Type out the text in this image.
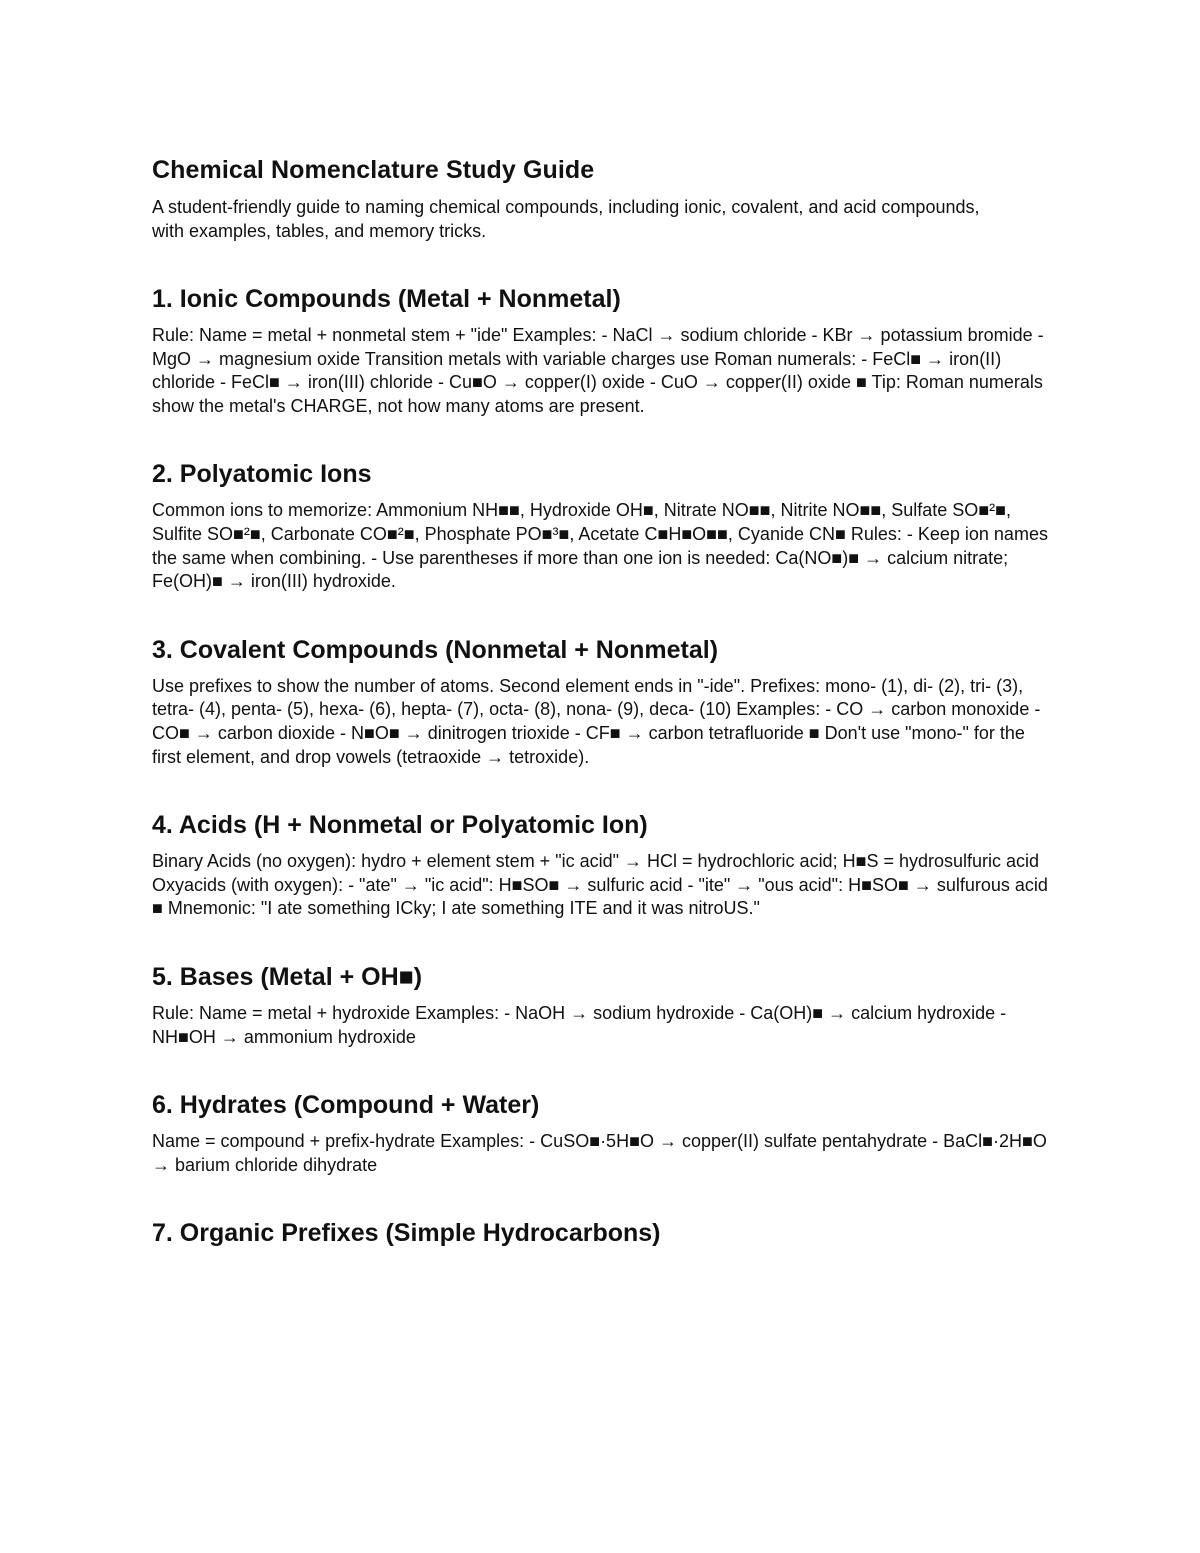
Chemical Nomenclature Study Guide

A student-friendly guide to naming chemical compounds, including ionic, covalent, and acid compounds, with examples, tables, and memory tricks.

1. Ionic Compounds (Metal + Nonmetal)

Rule: Name = metal + nonmetal stem + "ide" Examples: - NaCl → sodium chloride - KBr → potassium bromide - MgO → magnesium oxide Transition metals with variable charges use Roman numerals: - FeCl■ → iron(II) chloride - FeCl■ → iron(III) chloride - Cu■O → copper(I) oxide - CuO → copper(II) oxide ■ Tip: Roman numerals show the metal's CHARGE, not how many atoms are present.

2. Polyatomic Ions

Common ions to memorize: Ammonium NH■■, Hydroxide OH■, Nitrate NO■■, Nitrite NO■■, Sulfate SO■²■, Sulfite SO■²■, Carbonate CO■²■, Phosphate PO■³■, Acetate C■H■O■■, Cyanide CN■ Rules: - Keep ion names the same when combining. - Use parentheses if more than one ion is needed: Ca(NO■)■ → calcium nitrate; Fe(OH)■ → iron(III) hydroxide.

3. Covalent Compounds (Nonmetal + Nonmetal)

Use prefixes to show the number of atoms. Second element ends in "-ide". Prefixes: mono- (1), di- (2), tri- (3), tetra- (4), penta- (5), hexa- (6), hepta- (7), octa- (8), nona- (9), deca- (10) Examples: - CO → carbon monoxide - CO■ → carbon dioxide - N■O■ → dinitrogen trioxide - CF■ → carbon tetrafluoride ■ Don't use "mono-" for the first element, and drop vowels (tetraoxide → tetroxide).

4. Acids (H + Nonmetal or Polyatomic Ion)

Binary Acids (no oxygen): hydro + element stem + "ic acid" → HCl = hydrochloric acid; H■S = hydrosulfuric acid Oxyacids (with oxygen): - "ate" → "ic acid": H■SO■ → sulfuric acid - "ite" → "ous acid": H■SO■ → sulfurous acid ■ Mnemonic: "I ate something ICky; I ate something ITE and it was nitroUS."

5. Bases (Metal + OH■)

Rule: Name = metal + hydroxide Examples: - NaOH → sodium hydroxide - Ca(OH)■ → calcium hydroxide - NH■OH → ammonium hydroxide

6. Hydrates (Compound + Water)

Name = compound + prefix-hydrate Examples: - CuSO■·5H■O → copper(II) sulfate pentahydrate - BaCl■·2H■O → barium chloride dihydrate

7. Organic Prefixes (Simple Hydrocarbons)
